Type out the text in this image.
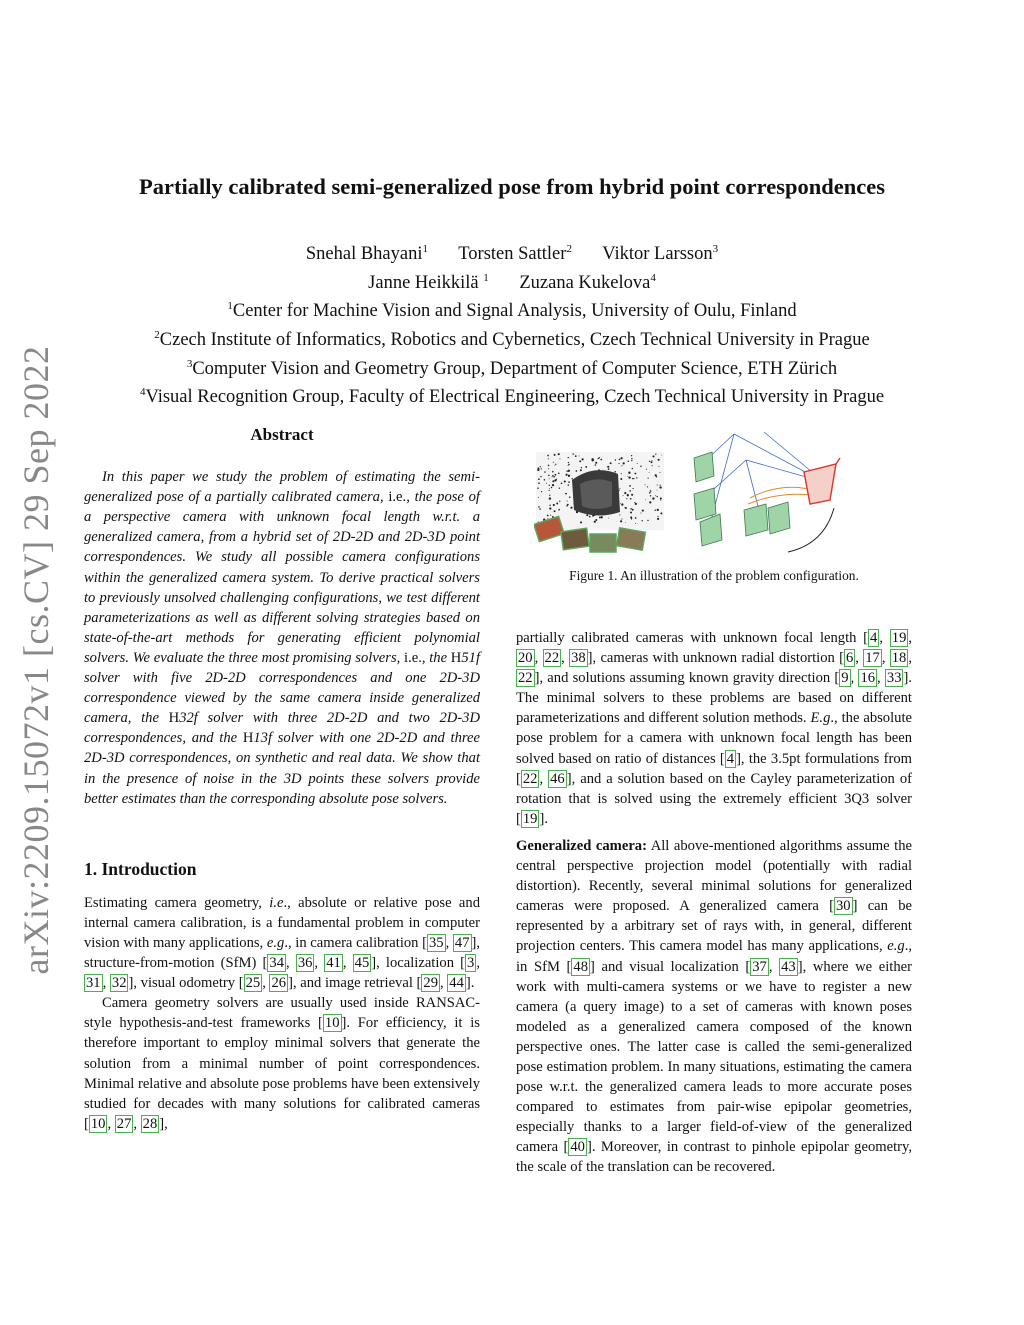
arXiv:2209.15072v1 [cs.CV] 29 Sep 2022
Partially calibrated semi-generalized pose from hybrid point correspondences
Snehal Bhayani$^1$ Torsten Sattler$^2$ Viktor Larsson$^3$
Janne Heikkilä $^1$ Zuzana Kukelova$^4$
$^1$Center for Machine Vision and Signal Analysis, University of Oulu, Finland
$^2$Czech Institute of Informatics, Robotics and Cybernetics, Czech Technical University in Prague
$^3$Computer Vision and Geometry Group, Department of Computer Science, ETH Zürich
$^4$Visual Recognition Group, Faculty of Electrical Engineering, Czech Technical University in Prague
Abstract

In this paper we study the problem of estimating the semi-generalized pose of a partially calibrated camera, i.e., the pose of a perspective camera with unknown focal length w.r.t. a generalized camera, from a hybrid set of 2D-2D and 2D-3D point correspondences. We study all possible camera configurations within the generalized camera system. To derive practical solvers to previously unsolved challenging configurations, we test different parameterizations as well as different solving strategies based on state-of-the-art methods for generating efficient polynomial solvers. We evaluate the three most promising solvers, i.e., the H51f solver with five 2D-2D correspondences and one 2D-3D correspondence viewed by the same camera inside generalized camera, the H32f solver with three 2D-2D and two 2D-3D correspondences, and the H13f solver with one 2D-2D and three 2D-3D correspondences, on synthetic and real data. We show that in the presence of noise in the 3D points these solvers provide better estimates than the corresponding absolute pose solvers.

1. Introduction

Estimating camera geometry, i.e., absolute or relative pose and internal camera calibration, is a fundamental problem in computer vision with many applications, e.g., in camera calibration [ 35 , 47 ], structure-from-motion (SfM) [ 34 , 36 , 41 , 45 ], localization [ 3 , 31 , 32 ], visual odometry [ 25 , 26 ], and image retrieval [ 29 , 44 ].

Camera geometry solvers are usually used inside RANSAC-style hypothesis-and-test frameworks [ 10 ]. For efficiency, it is therefore important to employ minimal solvers that generate the solution from a minimal number of point correspondences. Minimal relative and absolute pose problems have been extensively studied for decades with many solutions for calibrated cameras [ 10 , 27 , 28 ],

Figure 1. An illustration of the problem configuration.

partially calibrated cameras with unknown focal length [ 4 , 19 , 20 , 22 , 38 ], cameras with unknown radial distortion [ 6 , 17 , 18 , 22 ], and solutions assuming known gravity direction [ 9 , 16 , 33 ]. The minimal solvers to these problems are based on different parameterizations and different solution methods. E.g., the absolute pose problem for a camera with unknown focal length has been solved based on ratio of distances [ 4 ], the 3.5pt formulations from [ 22 , 46 ], and a solution based on the Cayley parameterization of rotation that is solved using the extremely efficient 3Q3 solver [ 19 ].

Generalized camera: All above-mentioned algorithms assume the central perspective projection model (potentially with radial distortion). Recently, several minimal solutions for generalized cameras were proposed. A generalized camera [ 30 ] can be represented by a arbitrary set of rays with, in general, different projection centers. This camera model has many applications, e.g., in SfM [ 48 ] and visual localization [ 37 , 43 ], where we either work with multi-camera systems or we have to register a new camera (a query image) to a set of cameras with known poses modeled as a generalized camera composed of the known perspective ones. The latter case is called the semi-generalized pose estimation problem. In many situations, estimating the camera pose w.r.t. the generalized camera leads to more accurate poses compared to estimates from pair-wise epipolar geometries, especially thanks to a larger field-of-view of the generalized camera [ 40 ]. Moreover, in contrast to pinhole epipolar geometry, the scale of the translation can be recovered.
